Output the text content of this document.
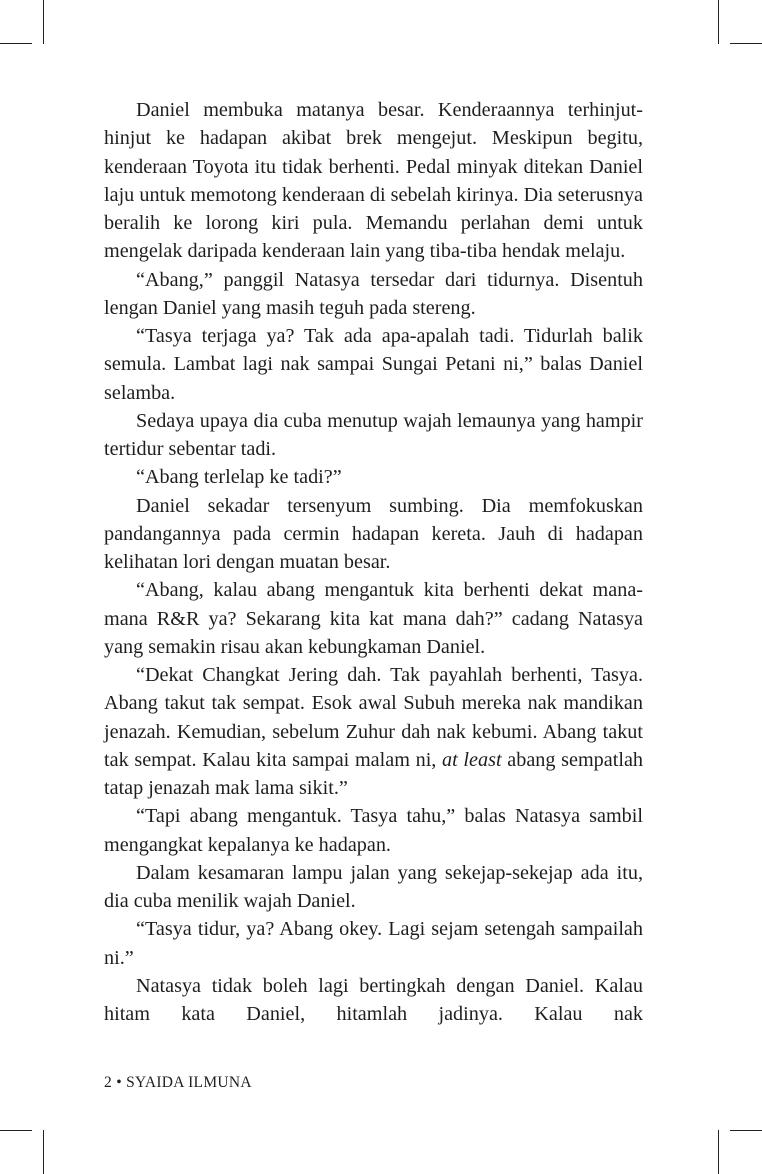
Daniel membuka matanya besar. Kenderaannya terhinjut-hinjut ke hadapan akibat brek mengejut. Meskipun begitu, kenderaan Toyota itu tidak berhenti. Pedal minyak ditekan Daniel laju untuk memotong kenderaan di sebelah kirinya. Dia seterusnya beralih ke lorong kiri pula. Memandu perlahan demi untuk mengelak daripada kenderaan lain yang tiba-tiba hendak melaju.

“Abang,” panggil Natasya tersedar dari tidurnya. Disentuh lengan Daniel yang masih teguh pada stereng.

“Tasya terjaga ya? Tak ada apa-apalah tadi. Tidurlah balik semula. Lambat lagi nak sampai Sungai Petani ni,” balas Daniel selamba.

Sedaya upaya dia cuba menutup wajah lemaunya yang hampir tertidur sebentar tadi.

“Abang terlelap ke tadi?”

Daniel sekadar tersenyum sumbing. Dia memfokuskan pandangannya pada cermin hadapan kereta. Jauh di hadapan kelihatan lori dengan muatan besar.

“Abang, kalau abang mengantuk kita berhenti dekat mana-mana R&R ya? Sekarang kita kat mana dah?” cadang Natasya yang semakin risau akan kebungkaman Daniel.

“Dekat Changkat Jering dah. Tak payahlah berhenti, Tasya. Abang takut tak sempat. Esok awal Subuh mereka nak mandikan jenazah. Kemudian, sebelum Zuhur dah nak kebumi. Abang takut tak sempat. Kalau kita sampai malam ni, at least abang sempatlah tatap jenazah mak lama sikit.”

“Tapi abang mengantuk. Tasya tahu,” balas Natasya sambil mengangkat kepalanya ke hadapan.

Dalam kesamaran lampu jalan yang sekejap-sekejap ada itu, dia cuba menilik wajah Daniel.

“Tasya tidur, ya? Abang okey. Lagi sejam setengah sampailah ni.”

Natasya tidak boleh lagi bertingkah dengan Daniel. Kalau hitam kata Daniel, hitamlah jadinya. Kalau nak

2 • SYAIDA ILMUNA
